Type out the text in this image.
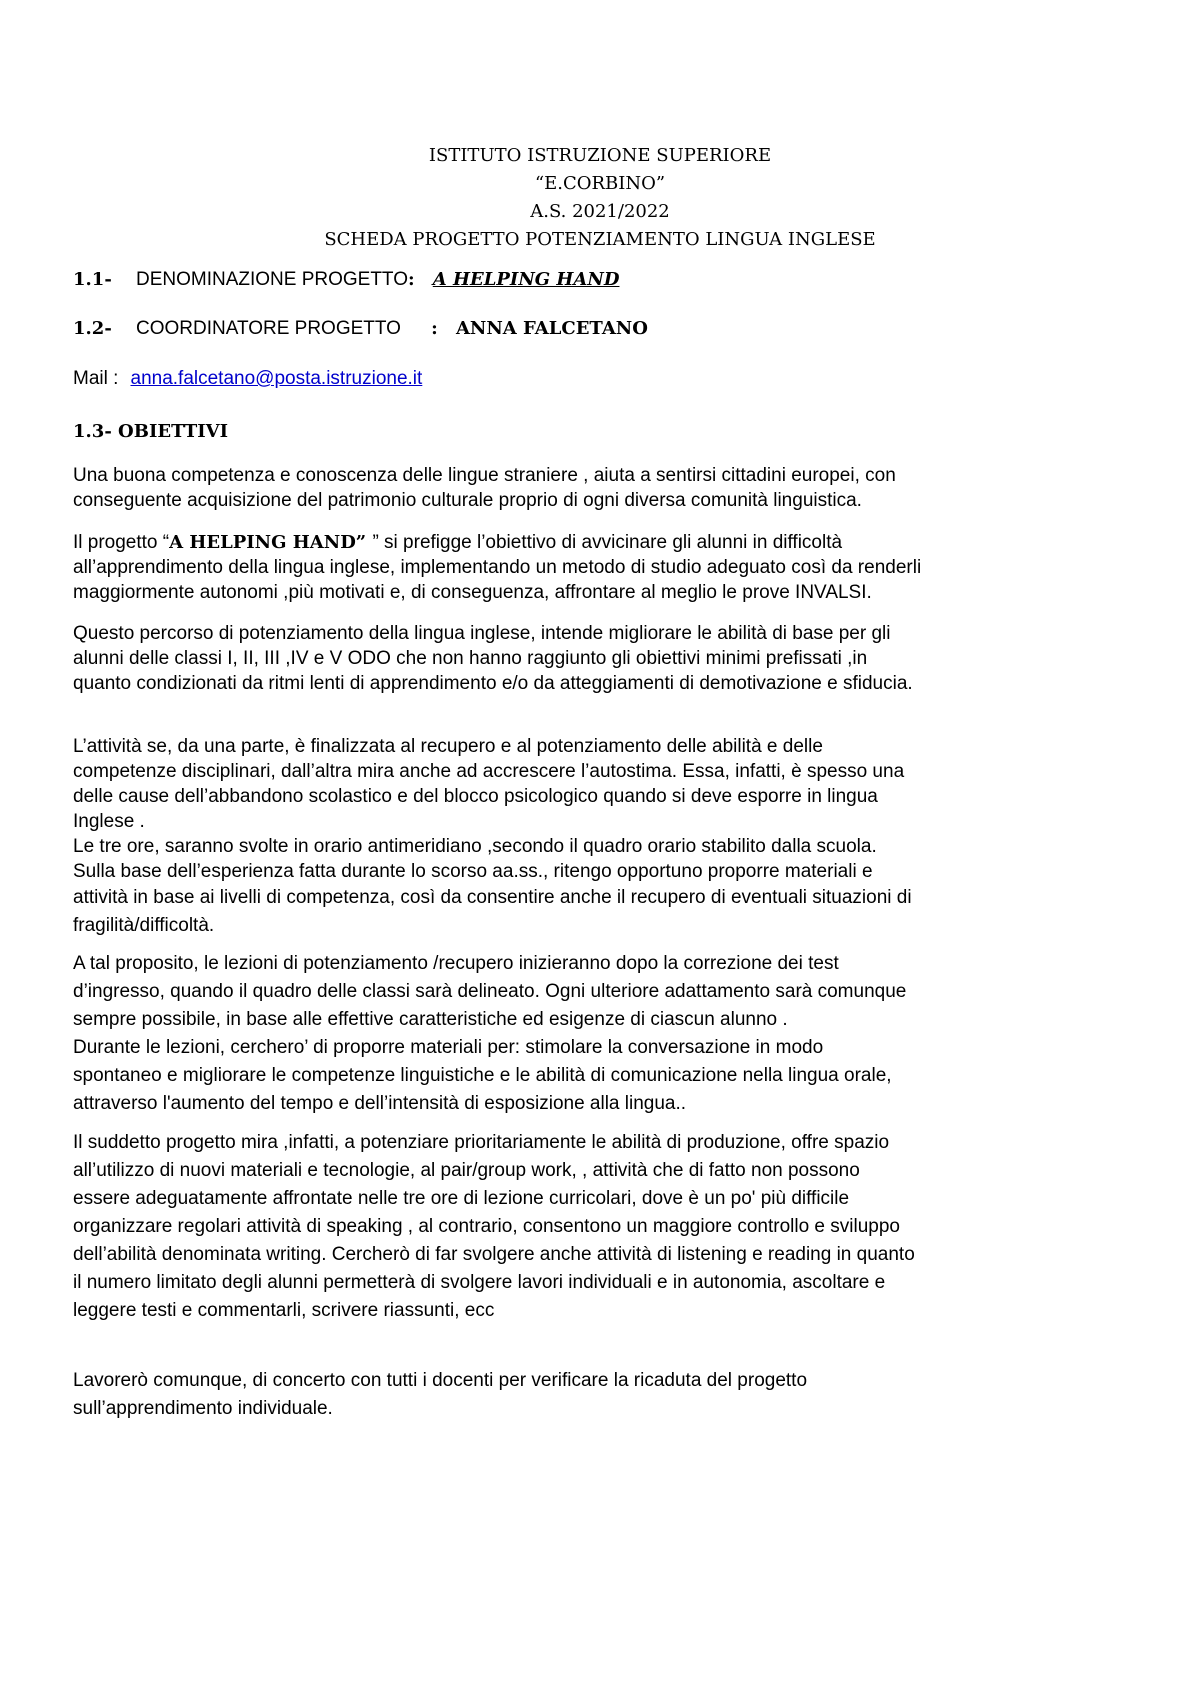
ISTITUTO ISTRUZIONE SUPERIORE
“E.CORBINO”
A.S. 2021/2022
SCHEDA PROGETTO POTENZIAMENTO LINGUA INGLESE
1.1- DENOMINAZIONE PROGETTO: A HELPING HAND
1.2- COORDINATORE PROGETTO : ANNA FALCETANO
Mail : anna.falcetano@posta.istruzione.it
1.3- OBIETTIVI
Una buona competenza e conoscenza delle lingue straniere , aiuta a sentirsi cittadini europei, con
conseguente acquisizione del patrimonio culturale proprio di ogni diversa comunità linguistica.
Il progetto “A HELPING HAND” ” si prefigge l’obiettivo di avvicinare gli alunni in difficoltà
all’apprendimento della lingua inglese, implementando un metodo di studio adeguato così da renderli
maggiormente autonomi ,più motivati e, di conseguenza, affrontare al meglio le prove INVALSI.
Questo percorso di potenziamento della lingua inglese, intende migliorare le abilità di base per gli
alunni delle classi I, II, III ,IV e V ODO che non hanno raggiunto gli obiettivi minimi prefissati ,in
quanto condizionati da ritmi lenti di apprendimento e/o da atteggiamenti di demotivazione e sfiducia.
L’attività se, da una parte, è finalizzata al recupero e al potenziamento delle abilità e delle
competenze disciplinari, dall’altra mira anche ad accrescere l’autostima. Essa, infatti, è spesso una
delle cause dell’abbandono scolastico e del blocco psicologico quando si deve esporre in lingua
Inglese .
Le tre ore, saranno svolte in orario antimeridiano ,secondo il quadro orario stabilito dalla scuola.
Sulla base dell’esperienza fatta durante lo scorso aa.ss., ritengo opportuno proporre materiali e
attività in base ai livelli di competenza, così da consentire anche il recupero di eventuali situazioni di
fragilità/difficoltà.
A tal proposito, le lezioni di potenziamento /recupero inizieranno dopo la correzione dei test
d’ingresso, quando il quadro delle classi sarà delineato. Ogni ulteriore adattamento sarà comunque
sempre possibile, in base alle effettive caratteristiche ed esigenze di ciascun alunno .
Durante le lezioni, cerchero’ di proporre materiali per: stimolare la conversazione in modo
spontaneo e migliorare le competenze linguistiche e le abilità di comunicazione nella lingua orale,
attraverso l'aumento del tempo e dell’intensità di esposizione alla lingua..
Il suddetto progetto mira ,infatti, a potenziare prioritariamente le abilità di produzione, offre spazio
all’utilizzo di nuovi materiali e tecnologie, al pair/group work, , attività che di fatto non possono
essere adeguatamente affrontate nelle tre ore di lezione curricolari, dove è un po' più difficile
organizzare regolari attività di speaking , al contrario, consentono un maggiore controllo e sviluppo
dell’abilità denominata writing. Cercherò di far svolgere anche attività di listening e reading in quanto
il numero limitato degli alunni permetterà di svolgere lavori individuali e in autonomia, ascoltare e
leggere testi e commentarli, scrivere riassunti, ecc
Lavorerò comunque, di concerto con tutti i docenti per verificare la ricaduta del progetto
sull’apprendimento individuale.
